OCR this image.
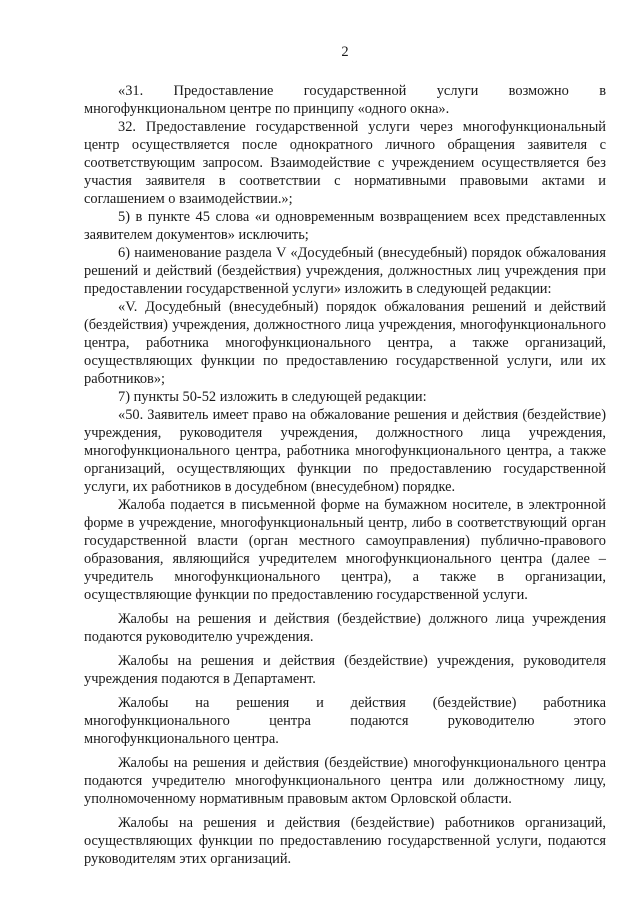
2

«31. Предоставление государственной услуги возможно в многофункциональном центре по принципу «одного окна».

32. Предоставление государственной услуги через многофункциональный центр осуществляется после однократного личного обращения заявителя с соответствующим запросом. Взаимодействие с учреждением осуществляется без участия заявителя в соответствии с нормативными правовыми актами и соглашением о взаимодействии.»;

5) в пункте 45 слова «и одновременным возвращением всех представленных заявителем документов» исключить;

6) наименование раздела V «Досудебный (внесудебный) порядок обжалования решений и действий (бездействия) учреждения, должностных лиц учреждения при предоставлении государственной услуги» изложить в следующей редакции:

«V. Досудебный (внесудебный) порядок обжалования решений и действий (бездействия) учреждения, должностного лица учреждения, многофункционального центра, работника многофункционального центра, а также организаций, осуществляющих функции по предоставлению государственной услуги, или их работников»;

7) пункты 50-52 изложить в следующей редакции:

«50. Заявитель имеет право на обжалование решения и действия (бездействие) учреждения, руководителя учреждения, должностного лица учреждения, многофункционального центра, работника многофункционального центра, а также организаций, осуществляющих функции по предоставлению государственной услуги, их работников в досудебном (внесудебном) порядке.

Жалоба подается в письменной форме на бумажном носителе, в электронной форме в учреждение, многофункциональный центр, либо в соответствующий орган государственной власти (орган местного самоуправления) публично-правового образования, являющийся учредителем многофункционального центра (далее – учредитель многофункционального центра), а также в организации, осуществляющие функции по предоставлению государственной услуги.

Жалобы на решения и действия (бездействие) должного лица учреждения подаются руководителю учреждения.

Жалобы на решения и действия (бездействие) учреждения, руководителя учреждения подаются в Департамент.

Жалобы на решения и действия (бездействие) работника многофункционального центра подаются руководителю этого многофункционального центра.

Жалобы на решения и действия (бездействие) многофункционального центра подаются учредителю многофункционального центра или должностному лицу, уполномоченному нормативным правовым актом Орловской области.

Жалобы на решения и действия (бездействие) работников организаций, осуществляющих функции по предоставлению государственной услуги, подаются руководителям этих организаций.
